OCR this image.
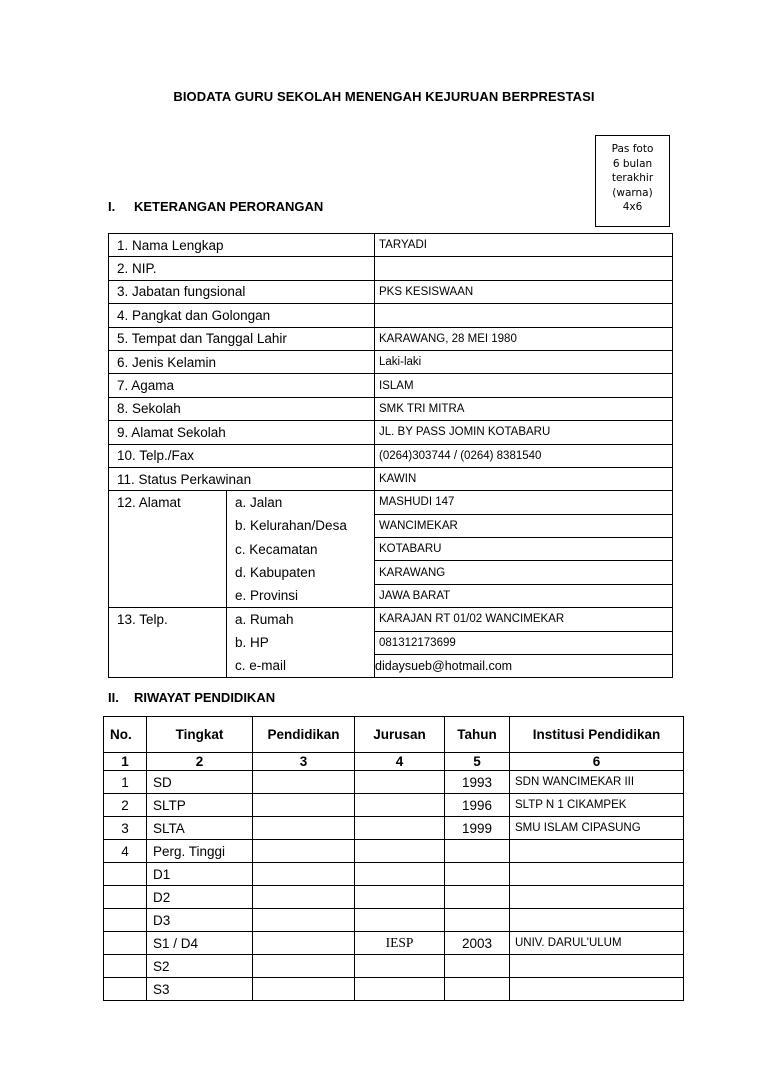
BIODATA GURU SEKOLAH MENENGAH KEJURUAN BERPRESTASI
Pas foto
6 bulan
terakhir
(warna)
4x6
I. KETERANGAN PERORANGAN
1. Nama Lengkap		TARYADI
2. NIP.		
3. Jabatan fungsional		PKS KESISWAAN
4. Pangkat dan Golongan		
5. Tempat dan Tanggal Lahir		KARAWANG, 28 MEI 1980
6. Jenis Kelamin		Laki-laki
7. Agama		ISLAM
8. Sekolah		SMK TRI MITRA
9. Alamat Sekolah		JL. BY PASS JOMIN KOTABARU
10. Telp./Fax		(0264)303744 / (0264) 8381540
11. Status Perkawinan		KAWIN
12. Alamat	a. Jalan	MASHUDI 147
	b. Kelurahan/Desa	WANCIMEKAR
	c. Kecamatan	KOTABARU
	d. Kabupaten	KARAWANG
	e. Provinsi	JAWA BARAT
13. Telp.	a. Rumah	KARAJAN RT 01/02 WANCIMEKAR
	b. HP	081312173699
	c. e-mail	didaysueb@hotmail.com
II. RIWAYAT PENDIDIKAN
No.	Tingkat	Pendidikan	Jurusan	Tahun	Institusi Pendidikan
1	2	3	4	5	6
1	SD			1993	SDN WANCIMEKAR III
2	SLTP			1996	SLTP N 1 CIKAMPEK
3	SLTA			1999	SMU ISLAM CIPASUNG
4	Perg. Tinggi				
	D1				
	D2				
	D3				
	S1 / D4		IESP	2003	UNIV. DARUL'ULUM
	S2				
	S3				
